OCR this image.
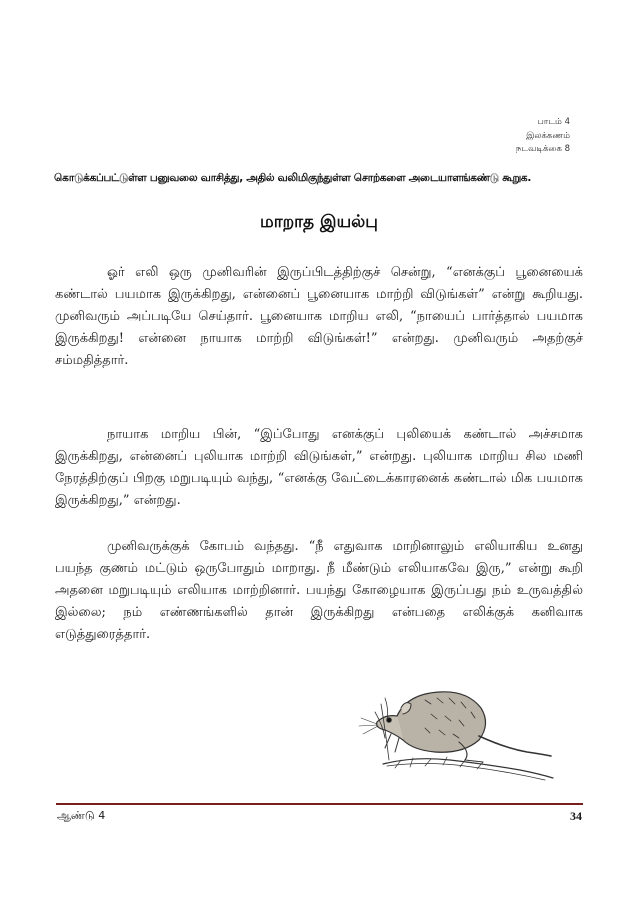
பாடம் 4
இலக்கணம்
நடவடிக்கை 8
கொடுக்கப்பட்டுள்ள பனுவலை வாசித்து, அதில் வலிமிகுந்துள்ள சொற்களை அடையாளங்கண்டு கூறுக.
மாறாத இயல்பு

ஓர் எலி ஒரு முனிவரின் இருப்பிடத்திற்குச் சென்று, “எனக்குப் பூனையைக் கண்டால் பயமாக இருக்கிறது, என்னைப் பூனையாக மாற்றி விடுங்கள்” என்று கூறியது. முனிவரும் அப்படியே செய்தார். பூனையாக மாறிய எலி, “நாயைப் பார்த்தால் பயமாக இருக்கிறது! என்னை நாயாக மாற்றி விடுங்கள்!” என்றது. முனிவரும் அதற்குச் சம்மதித்தார்.

நாயாக மாறிய பின், “இப்போது எனக்குப் புலியைக் கண்டால் அச்சமாக இருக்கிறது, என்னைப் புலியாக மாற்றி விடுங்கள்,” என்றது. புலியாக மாறிய சில மணி நேரத்திற்குப் பிறகு மறுபடியும் வந்து, “எனக்கு வேட்டைக்காரனைக் கண்டால் மிக பயமாக இருக்கிறது,” என்றது.

முனிவருக்குக் கோபம் வந்தது. “நீ எதுவாக மாறினாலும் எலியாகிய உனது பயந்த குணம் மட்டும் ஒருபோதும் மாறாது. நீ மீண்டும் எலியாகவே இரு,” என்று கூறி அதனை மறுபடியும் எலியாக மாற்றினார். பயந்து கோழையாக இருப்பது நம் உருவத்தில் இல்லை; நம் எண்ணங்களில் தான் இருக்கிறது என்பதை எலிக்குக் கனிவாக எடுத்துரைத்தார்.

ஆண்டு 4	34
